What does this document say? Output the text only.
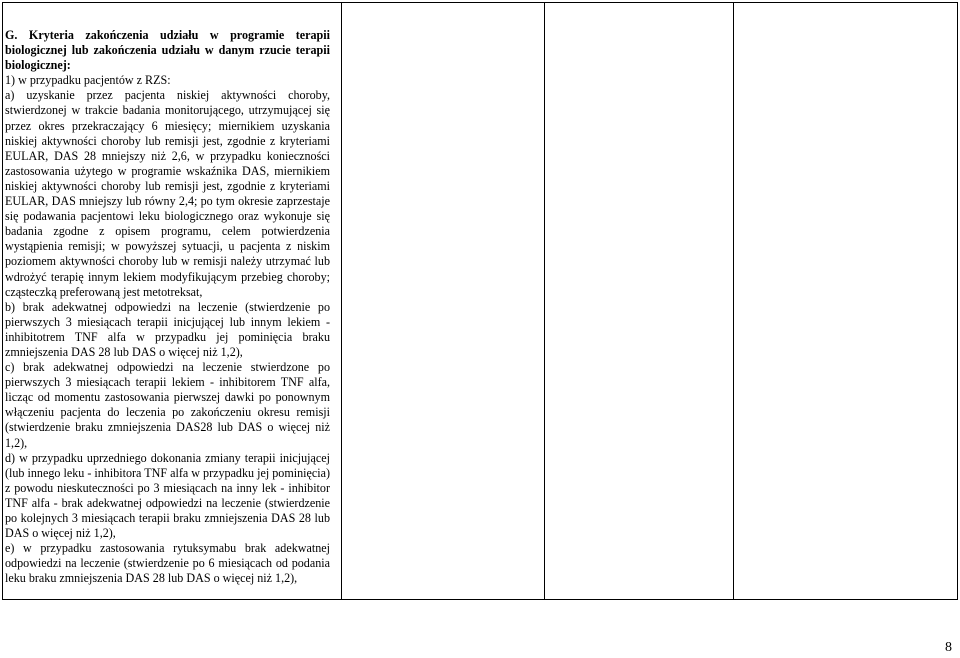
G. Kryteria zakończenia udziału w programie terapii biologicznej lub zakończenia udziału w danym rzucie terapii biologicznej:

1) w przypadku pacjentów z RZS:

a) uzyskanie przez pacjenta niskiej aktywności choroby, stwierdzonej w trakcie badania monitorującego, utrzymującej się przez okres przekraczający 6 miesięcy; miernikiem uzyskania niskiej aktywności choroby lub remisji jest, zgodnie z kryteriami EULAR, DAS 28 mniejszy niż 2,6, w przypadku konieczności zastosowania użytego w programie wskaźnika DAS, miernikiem niskiej aktywności choroby lub remisji jest, zgodnie z kryteriami EULAR, DAS mniejszy lub równy 2,4; po tym okresie zaprzestaje się podawania pacjentowi leku biologicznego oraz wykonuje się badania zgodne z opisem programu, celem potwierdzenia wystąpienia remisji; w powyższej sytuacji, u pacjenta z niskim poziomem aktywności choroby lub w remisji należy utrzymać lub wdrożyć terapię innym lekiem modyfikującym przebieg choroby; cząsteczką preferowaną jest metotreksat,

b) brak adekwatnej odpowiedzi na leczenie (stwierdzenie po pierwszych 3 miesiącach terapii inicjującej lub innym lekiem - inhibitotrem TNF alfa w przypadku jej pominięcia braku zmniejszenia DAS 28 lub DAS o więcej niż 1,2),

c) brak adekwatnej odpowiedzi na leczenie stwierdzone po pierwszych 3 miesiącach terapii lekiem - inhibitorem TNF alfa, licząc od momentu zastosowania pierwszej dawki po ponownym włączeniu pacjenta do leczenia po zakończeniu okresu remisji (stwierdzenie braku zmniejszenia DAS28 lub DAS o więcej niż 1,2),

d) w przypadku uprzedniego dokonania zmiany terapii inicjującej (lub innego leku - inhibitora TNF alfa w przypadku jej pominięcia) z powodu nieskuteczności po 3 miesiącach na inny lek - inhibitor TNF alfa - brak adekwatnej odpowiedzi na leczenie (stwierdzenie po kolejnych 3 miesiącach terapii braku zmniejszenia DAS 28 lub DAS o więcej niż 1,2),

e) w przypadku zastosowania rytuksymabu brak adekwatnej odpowiedzi na leczenie (stwierdzenie po 6 miesiącach od podania leku braku zmniejszenia DAS 28 lub DAS o więcej niż 1,2),

8
